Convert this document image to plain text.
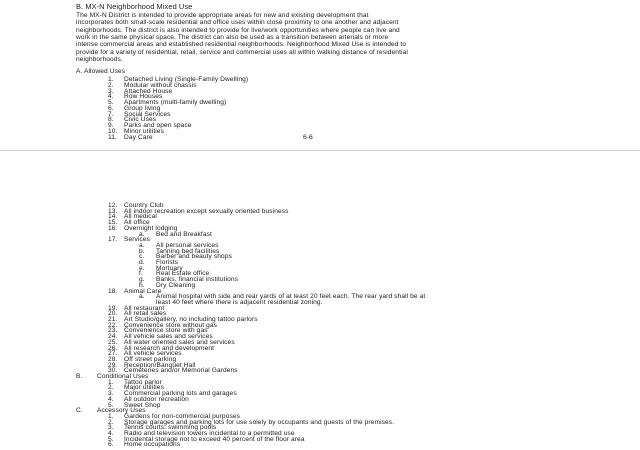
B. MX-N Neighborhood Mixed Use
The MX-N District is intended to provide appropriate areas for new and existing development that
incorporates both small-scale residential and office uses within close proximity to one another and adjacent
neighborhoods. The district is also intended to provide for live/work opportunities where people can live and
work in the same physical space. The district can also be used as a transition between arterials or more
intense commercial areas and established residential neighborhoods. Neighborhood Mixed Use is intended to
provide for a variety of residential, retail, service and commercial uses all within walking distance of residential
neighborhoods.
A. Allowed Uses
1. Detached Living (Single-Family Dwelling)
2. Modular without chassis
3. Attached House
4. Row Houses
5. Apartments (multi-family dwelling)
6. Group living
7. Social Services
8. Civic Uses
9. Parks and open space
10. Minor utilities
11. Day Care	6-6
12. Country Club
13. All indoor recreation except sexually oriented business
14. All medical
15. All office
16. Overnight lodging
a. Bed and Breakfast
17. Services
a. All personal services
b. Tanning bed facilities
c. Barber and beauty shops
d. Florists
e. Mortuary
f. Real Estate office
g. Banks, financial institutions
h. Dry Cleaning
18. Animal Care
a. Animal hospital with side and rear yards of at least 20 feet each. The rear yard shall be at
least 40 feet where there is adjacent residential zoning.
19. All restaurant
20. All retail sales
21. Art Studio/gallery, no including tattoo parlors
22. Convenience store without gas
23. Convenience store with gas
24. All vehicle sales and services
25. All water oriented sales and services
26. All research and development
27. All vehicle services
28. Off street parking
29. Reception/Banquet Hall
30. Cemeteries and/or Memorial Gardens
B. Conditional Uses
1. Tattoo parlor
2. Major utilities
3. Commercial parking lots and garages
4. All outdoor recreation
5. Sweet Shop
C. Accessory Uses
1. Gardens for non-commercial purposes
2. Storage garages and parking lots for use solely by occupants and guests of the premises.
3. Tennis courts, swimming pools
4. Radio and television towers incidental to a permitted use
5. Incidental storage not to exceed 40 percent of the floor area
6. Home occupations
